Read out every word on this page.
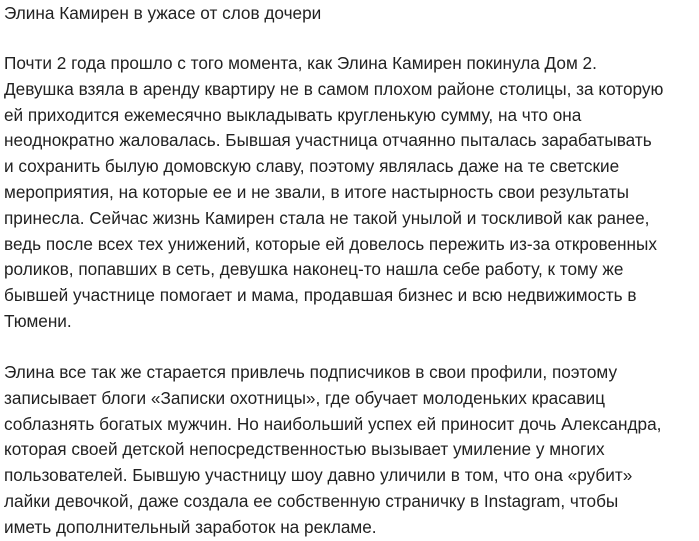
Элина Камирен в ужасе от слов дочери

Почти 2 года прошло с того момента, как Элина Камирен покинула Дом 2.
Девушка взяла в аренду квартиру не в самом плохом районе столицы, за которую
ей приходится ежемесячно выкладывать кругленькую сумму, на что она
неоднократно жаловалась. Бывшая участница отчаянно пыталась зарабатывать
и сохранить былую домовскую славу, поэтому являлась даже на те светские
мероприятия, на которые ее и не звали, в итоге настырность свои результаты
принесла. Сейчас жизнь Камирен стала не такой унылой и тоскливой как ранее,
ведь после всех тех унижений, которые ей довелось пережить из-за откровенных
роликов, попавших в сеть, девушка наконец-то нашла себе работу, к тому же
бывшей участнице помогает и мама, продавшая бизнес и всю недвижимость в
Тюмени.

Элина все так же старается привлечь подписчиков в свои профили, поэтому
записывает блоги «Записки охотницы», где обучает молоденьких красавиц
соблазнять богатых мужчин. Но наибольший успех ей приносит дочь Александра,
которая своей детской непосредственностью вызывает умиление у многих
пользователей. Бывшую участницу шоу давно уличили в том, что она «рубит»
лайки девочкой, даже создала ее собственную страничку в Instagram, чтобы
иметь дополнительный заработок на рекламе.
